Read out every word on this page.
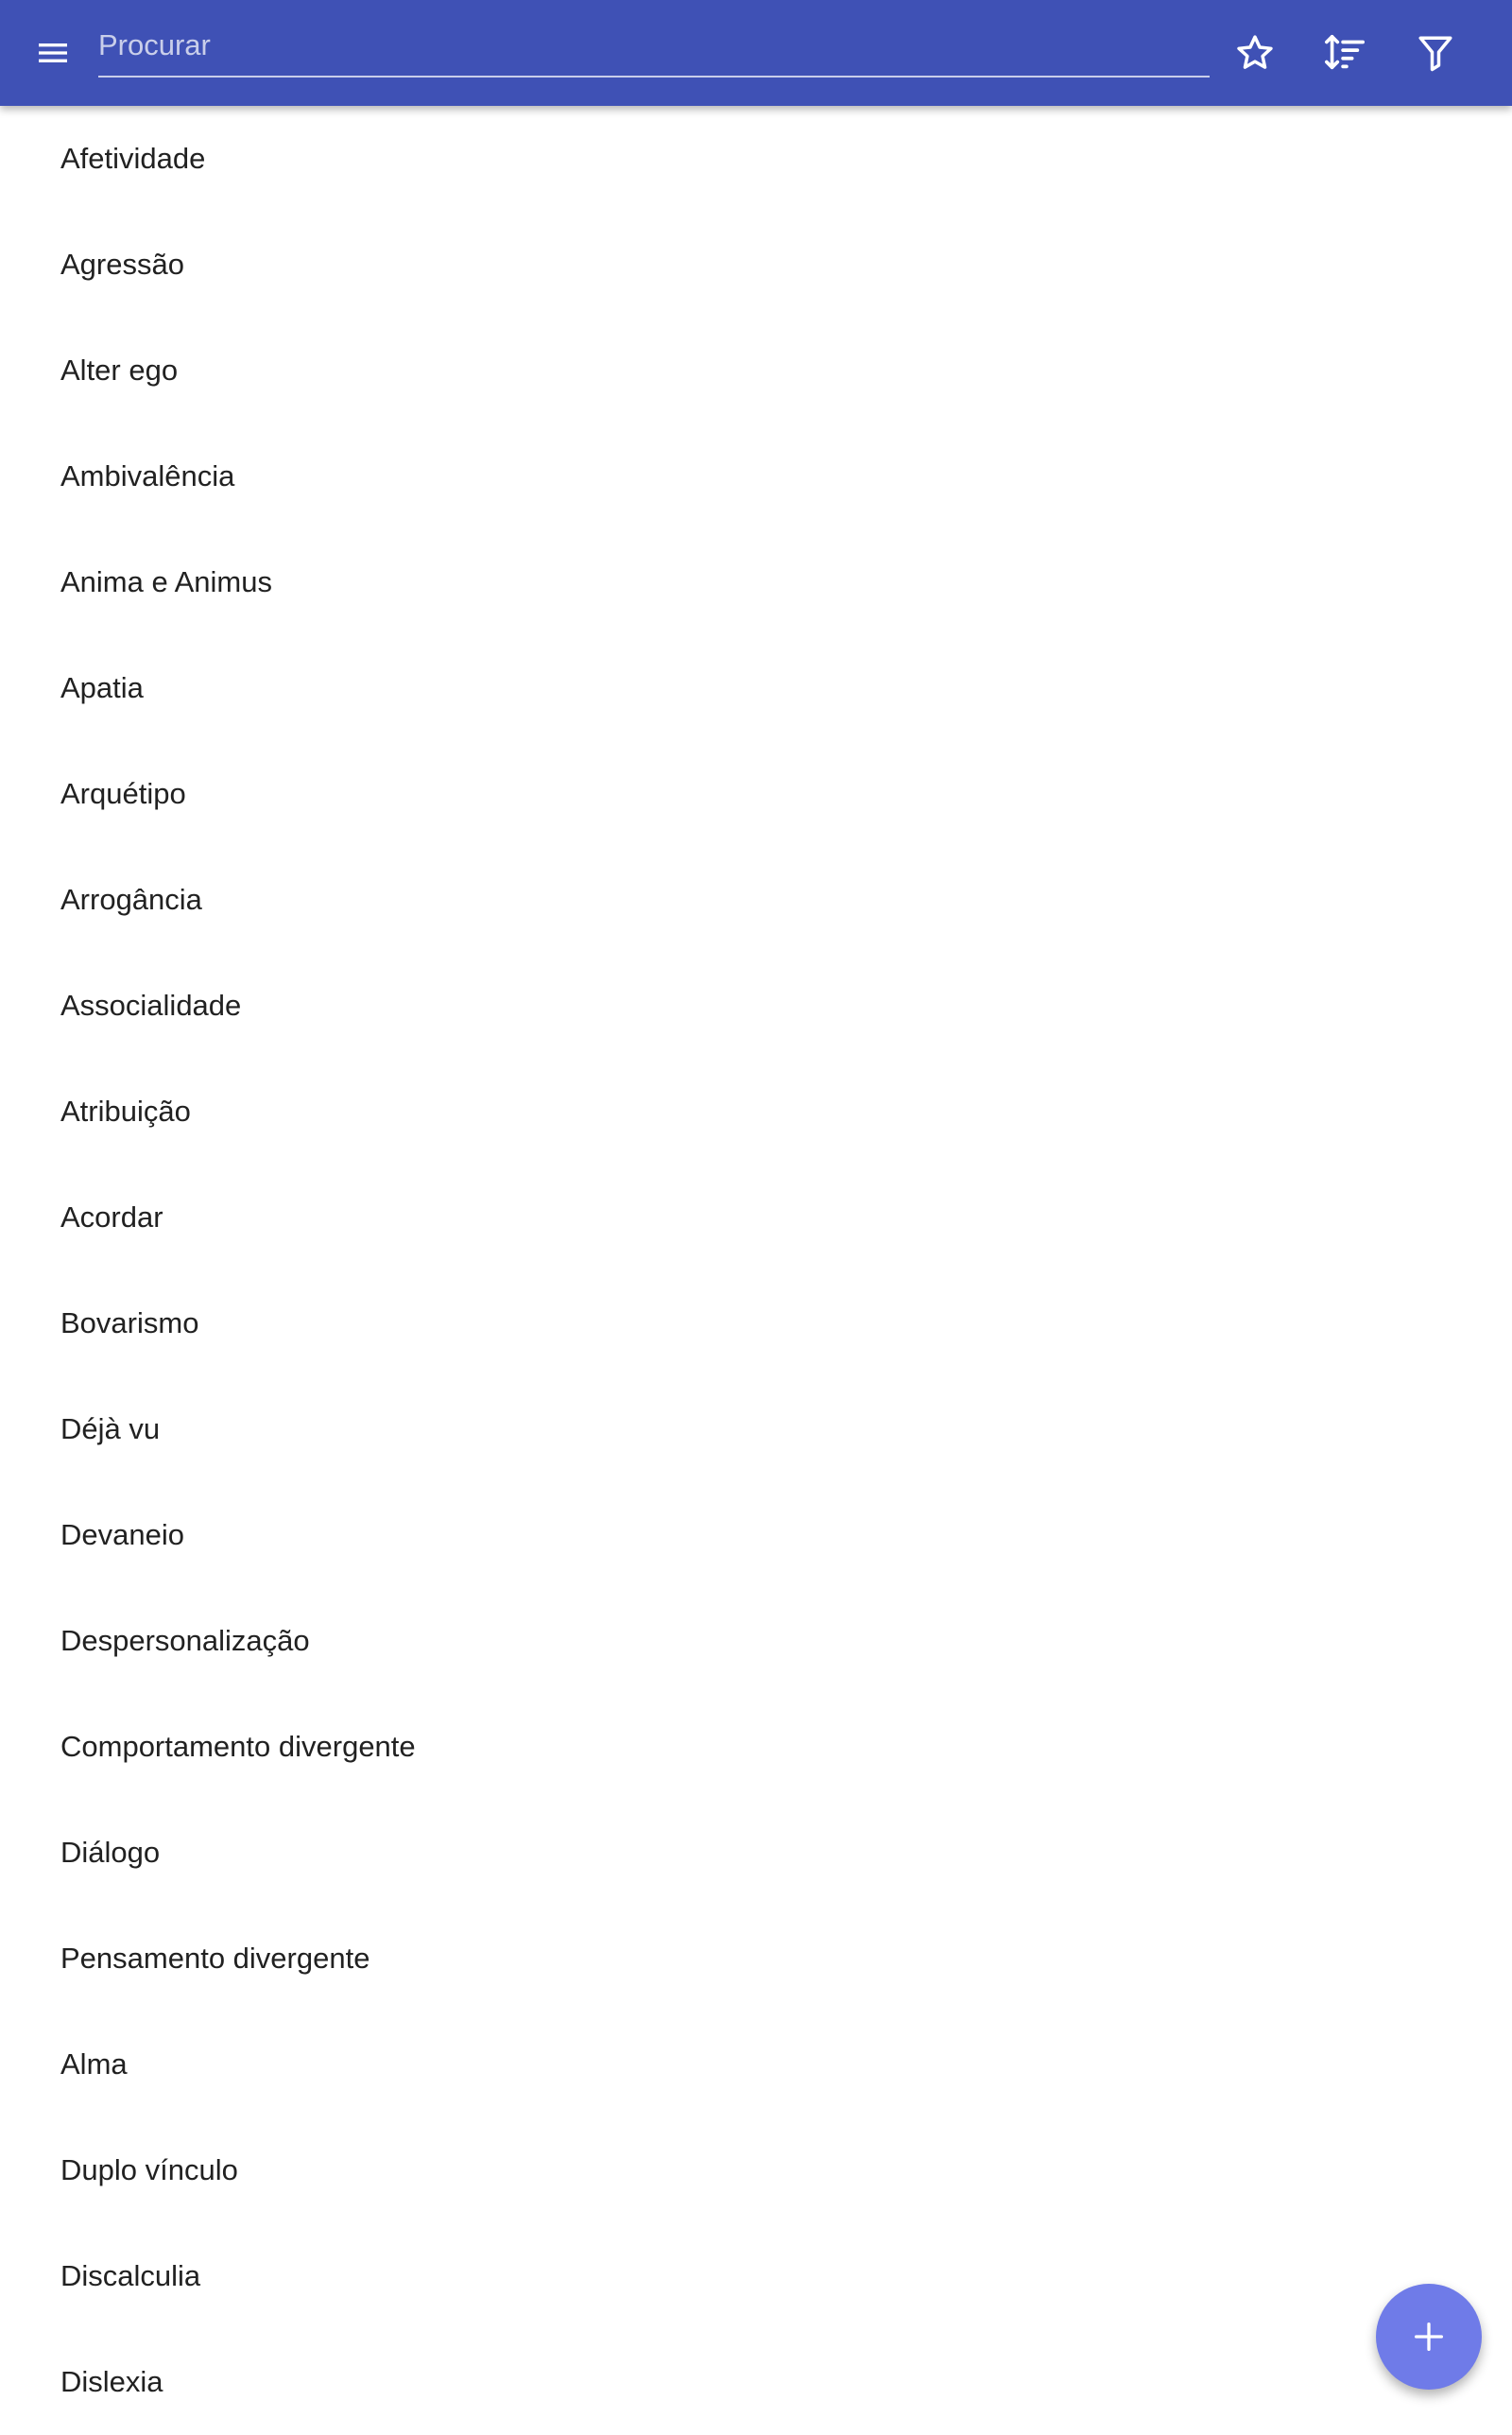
Procurar
Afetividade
Agressão
Alter ego
Ambivalência
Anima e Animus
Apatia
Arquétipo
Arrogância
Associalidade
Atribuição
Acordar
Bovarismo
Déjà vu
Devaneio
Despersonalização
Comportamento divergente
Diálogo
Pensamento divergente
Alma
Duplo vínculo
Discalculia
Dislexia
